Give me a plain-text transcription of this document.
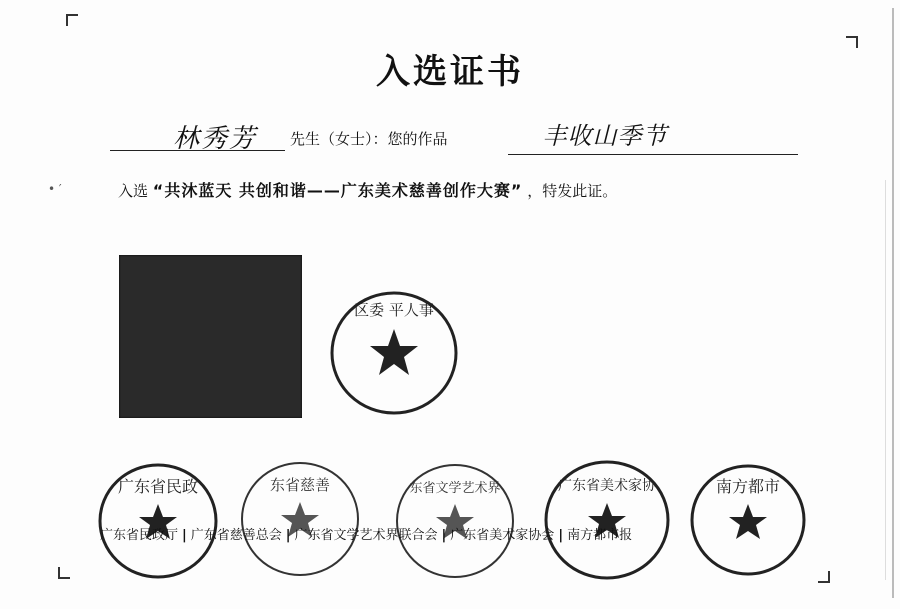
入选证书
林秀芳	先生（女士）：您的作品	丰收山季节
• ′	入选 “共沐蓝天 共创和谐——广东美术慈善创作大赛” ，特发此证。
区委 平人事
广东省民政	东省慈善	东省文学艺术界	广东省美术家协	南方都市
广东省民政厅 | 广东省慈善总会 | 广东省文学艺术界联合会 | 广东省美术家协会 | 南方都市报
